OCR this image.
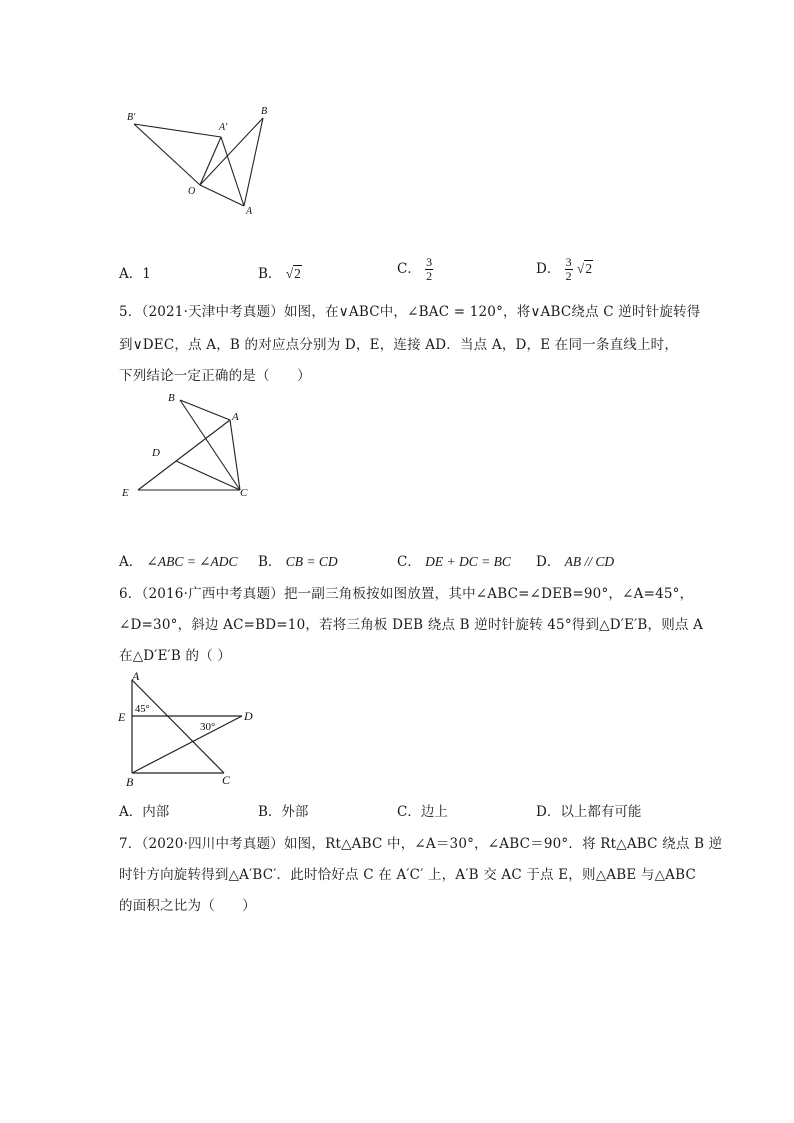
B′
A′
B
O
A
A．1	B． √2	C． $\frac{3}{2}$	D． $\frac{3}{2} √2$
5．（2021·天津中考真题）如图，在∨ABC中，∠BAC = 120°，将∨ABC绕点 C 逆时针旋转得
到∨DEC，点 A，B 的对应点分别为 D，E，连接 AD．当点 A，D，E 在同一条直线上时，
下列结论一定正确的是（　　）
B
A
D
E	C
A． ∠ABC = ∠ADC B． CB = CD	C． DE + DC = BC D． AB // CD
6．（2016·广西中考真题）把一副三角板按如图放置，其中∠ABC=∠DEB=90°，∠A=45°，
∠D=30°，斜边 AC=BD=10，若将三角板 DEB 绕点 B 逆时针旋转 45°得到△D′E′B，则点 A
在△D′E′B 的（ ）
A
E	D
B	C
45°
30°
A．内部	B．外部	C．边上	D．以上都有可能
7．（2020·四川中考真题）如图，Rt△ABC 中，∠A＝30°，∠ABC＝90°．将 Rt△ABC 绕点 B 逆
时针方向旋转得到△A′BC′．此时恰好点 C 在 A′C′ 上，A′B 交 AC 于点 E，则△ABE 与△ABC
的面积之比为（　　）
